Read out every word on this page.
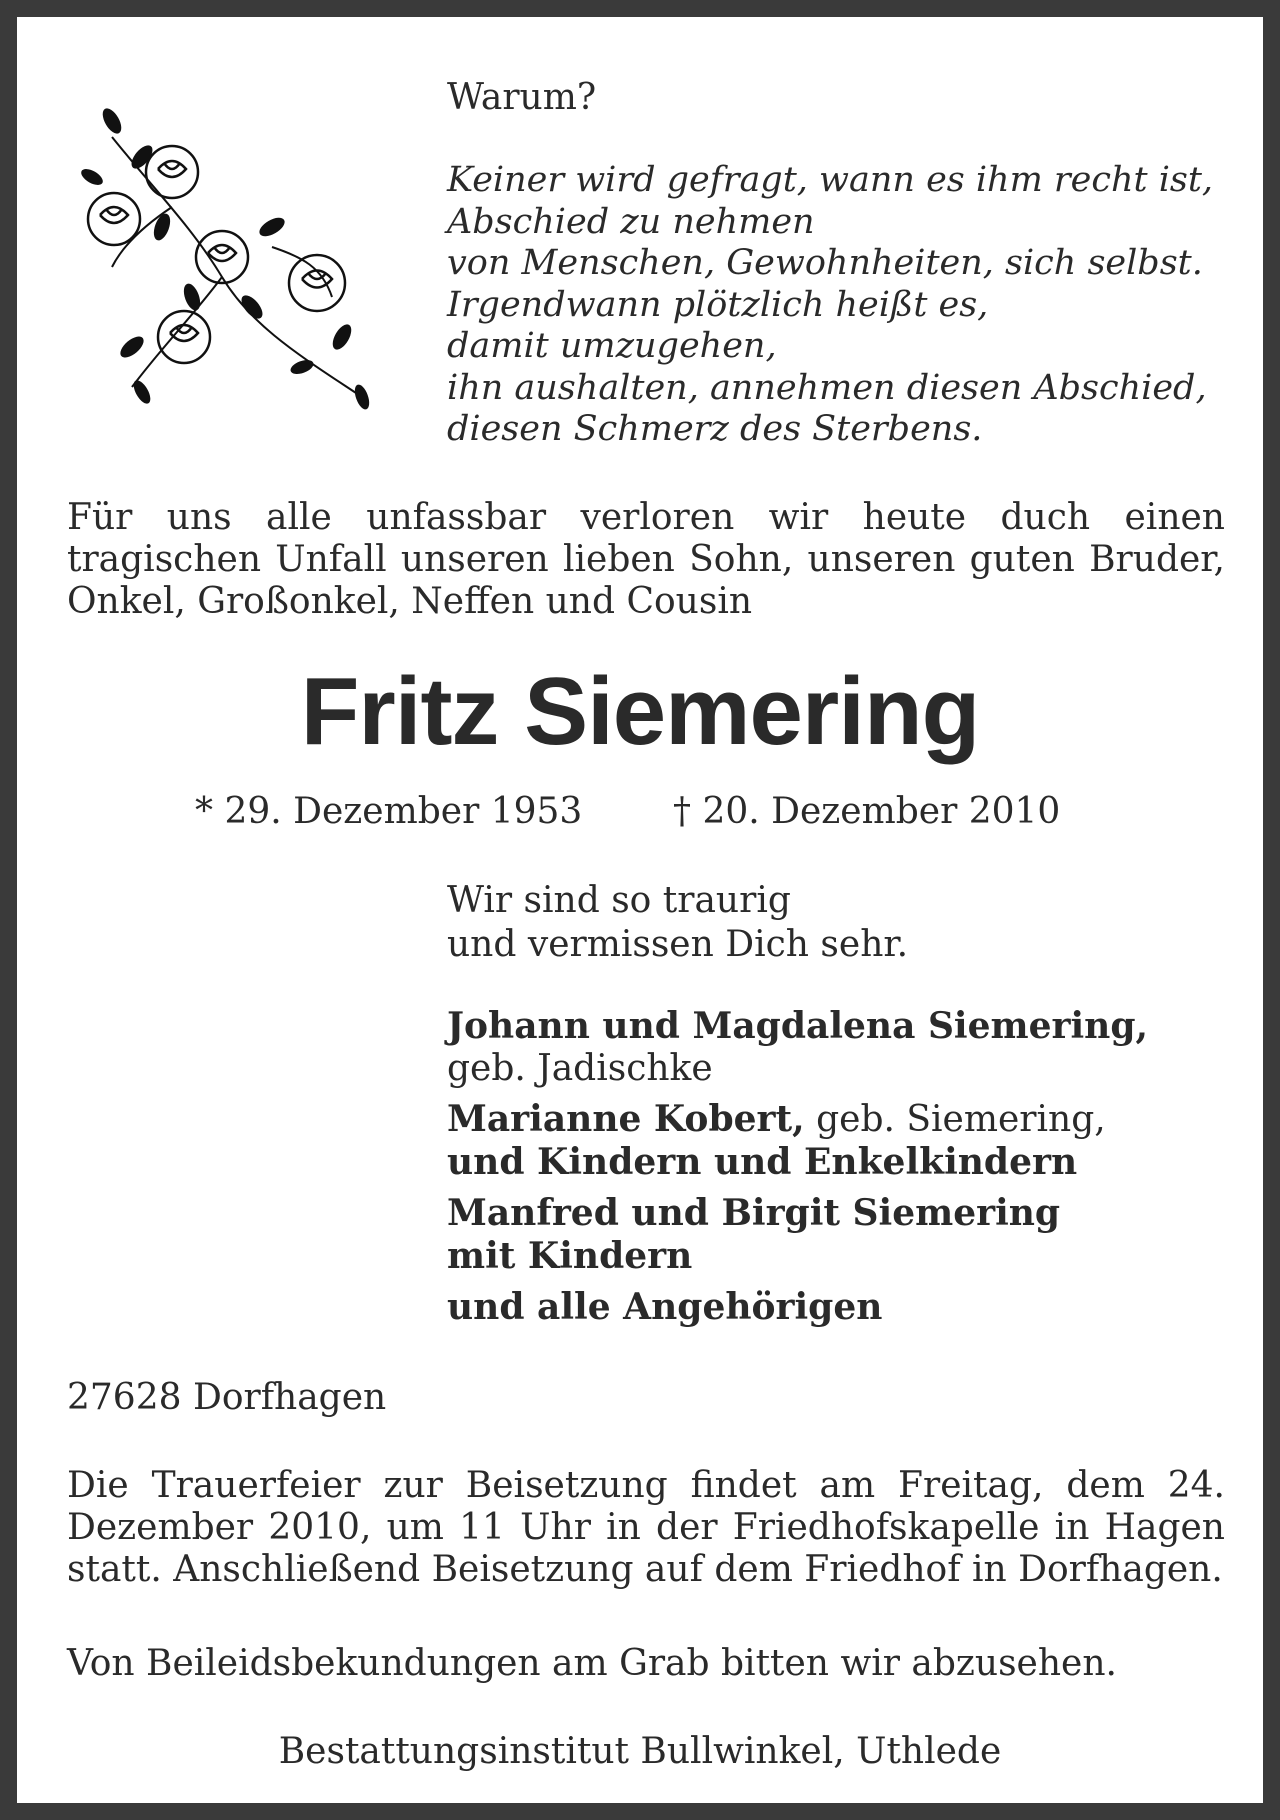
Warum?
Keiner wird gefragt, wann es ihm recht ist,
Abschied zu nehmen
von Menschen, Gewohnheiten, sich selbst.
Irgendwann plötzlich heißt es,
damit umzugehen,
ihn aushalten, annehmen diesen Abschied,
diesen Schmerz des Sterbens.
Für uns alle unfassbar verloren wir heute duch einen tragischen Unfall unseren lieben Sohn, unseren guten Bruder, Onkel, Großonkel, Neffen und Cousin
Fritz Siemering
* 29. Dezember 1953	† 20. Dezember 2010
Wir sind so traurig
und vermissen Dich sehr.
Johann und Magdalena Siemering,
geb. Jadischke
Marianne Kobert, geb. Siemering,
und Kindern und Enkelkindern
Manfred und Birgit Siemering
mit Kindern
und alle Angehörigen
27628 Dorfhagen
Die Trauerfeier zur Beisetzung findet am Freitag, dem 24. Dezember 2010, um 11 Uhr in der Friedhofskapelle in Hagen statt. Anschließend Beisetzung auf dem Friedhof in Dorfhagen.
Von Beileidsbekundungen am Grab bitten wir abzusehen.
Bestattungsinstitut Bullwinkel, Uthlede
